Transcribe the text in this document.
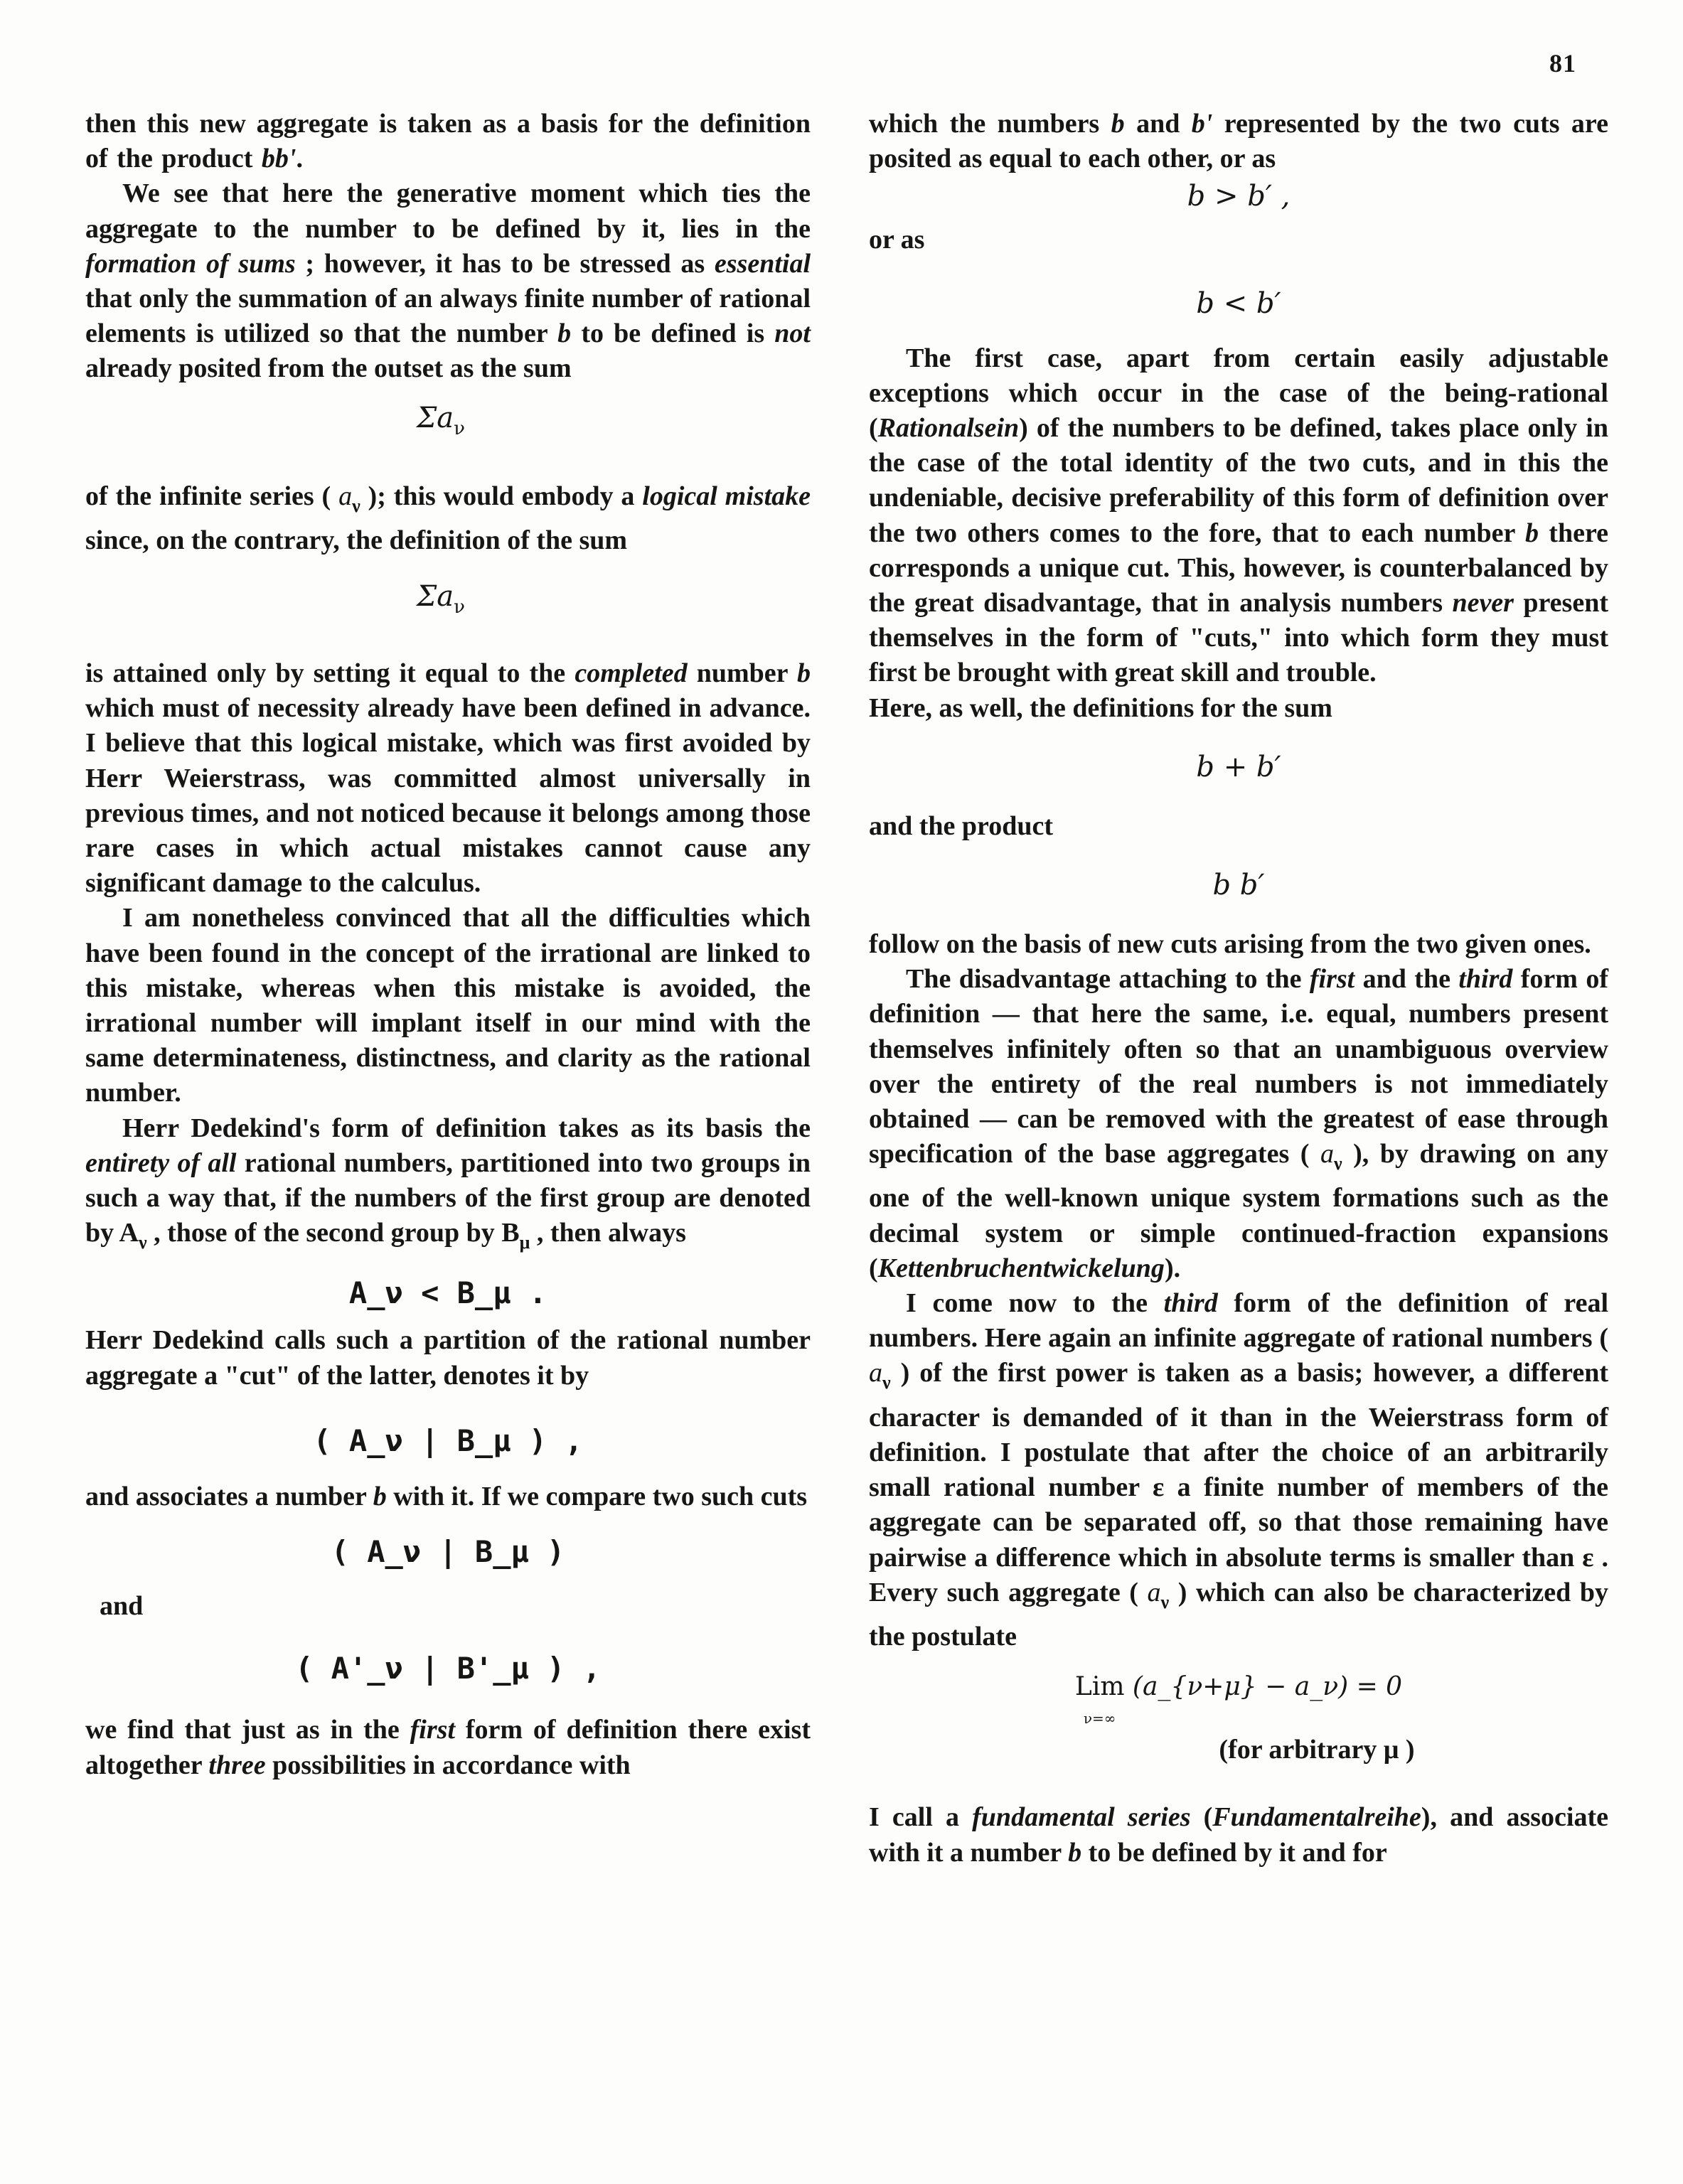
81

then this new aggregate is taken as a basis for the definition of the product bb'.

We see that here the generative moment which ties the aggregate to the number to be defined by it, lies in the formation of sums ; however, it has to be stressed as essential that only the summation of an always finite number of rational elements is utilized so that the number b to be defined is not already posited from the outset as the sum

$\Sigma a_\nu$

of the infinite series ( $a_\nu$ ); this would embody a logical mistake since, on the contrary, the definition of the sum

$\Sigma a_\nu$

is attained only by setting it equal to the completed number b which must of necessity already have been defined in advance. I believe that this logical mistake, which was first avoided by Herr Weierstrass, was committed almost universally in previous times, and not noticed because it belongs among those rare cases in which actual mistakes cannot cause any significant damage to the calculus.

I am nonetheless convinced that all the difficulties which have been found in the concept of the irrational are linked to this mistake, whereas when this mistake is avoided, the irrational number will implant itself in our mind with the same determinateness, distinctness, and clarity as the rational number.

Herr Dedekind's form of definition takes as its basis the entirety of all rational numbers, partitioned into two groups in such a way that, if the numbers of the first group are denoted by $A_\nu$ , those of the second group by $B_\mu$ , then always

A_ν < B_μ .

Herr Dedekind calls such a partition of the rational number aggregate a "cut" of the latter, denotes it by

( A_ν | B_μ ) ,

and associates a number b with it. If we compare two such cuts

( A_ν | B_μ )

and

( A'_ν | B'_μ ) ,

we find that just as in the first form of definition there exist altogether three possibilities in accordance with

which the numbers b and b' represented by the two cuts are posited as equal to each other, or as

b > b′ ,

or as

b < b′

The first case, apart from certain easily adjustable exceptions which occur in the case of the being-rational (Rationalsein) of the numbers to be defined, takes place only in the case of the total identity of the two cuts, and in this the undeniable, decisive preferability of this form of definition over the two others comes to the fore, that to each number b there corresponds a unique cut. This, however, is counterbalanced by the great disadvantage, that in analysis numbers never present themselves in the form of "cuts," into which form they must first be brought with great skill and trouble.

Here, as well, the definitions for the sum

b + b′

and the product

b b′

follow on the basis of new cuts arising from the two given ones.

The disadvantage attaching to the first and the third form of definition — that here the same, i.e. equal, numbers present themselves infinitely often so that an unambiguous overview over the entirety of the real numbers is not immediately obtained — can be removed with the greatest of ease through specification of the base aggregates ( $a_\nu$ ), by drawing on any one of the well-known unique system formations such as the decimal system or simple continued-fraction expansions (Kettenbruchentwickelung).

I come now to the third form of the definition of real numbers. Here again an infinite aggregate of rational numbers ( $a_\nu$ ) of the first power is taken as a basis; however, a different character is demanded of it than in the Weierstrass form of definition. I postulate that after the choice of an arbitrarily small rational number ε a finite number of members of the aggregate can be separated off, so that those remaining have pairwise a difference which in absolute terms is smaller than ε . Every such aggregate ( $a_\nu$ ) which can also be characterized by the postulate

Lim
ν=∞ (a_{ν+μ} − a_ν) = 0
(for arbitrary μ )

I call a fundamental series (Fundamentalreihe), and associate with it a number b to be defined by it and for
